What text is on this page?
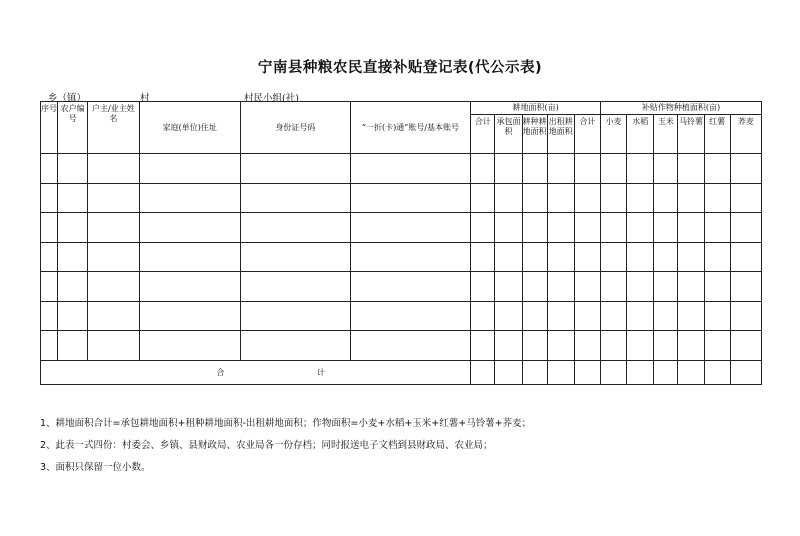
宁南县种粮农民直接补贴登记表(代公示表)
乡（镇）	村	村民小组(社)
序号	农户编号	户主/业主姓名	家庭(单位)住址	身份证号码	“一折(卡)通”账号/基本账号	耕地面积(亩)					补贴作物种植面积(亩)					
						合计	承包面积	耕种耕地面积	出租耕地面积	合计	小麦	水稻	玉米	马铃薯	红薯	荞麦

合 计																
1、耕地面积合计=承包耕地面积+租种耕地面积-出租耕地面积；作物面积=小麦+水稻+玉米+红薯+马铃薯+荞麦；
2、此表一式四份：村委会、乡镇、县财政局、农业局各一份存档；同时报送电子文档到县财政局、农业局；
3、面积只保留一位小数。
